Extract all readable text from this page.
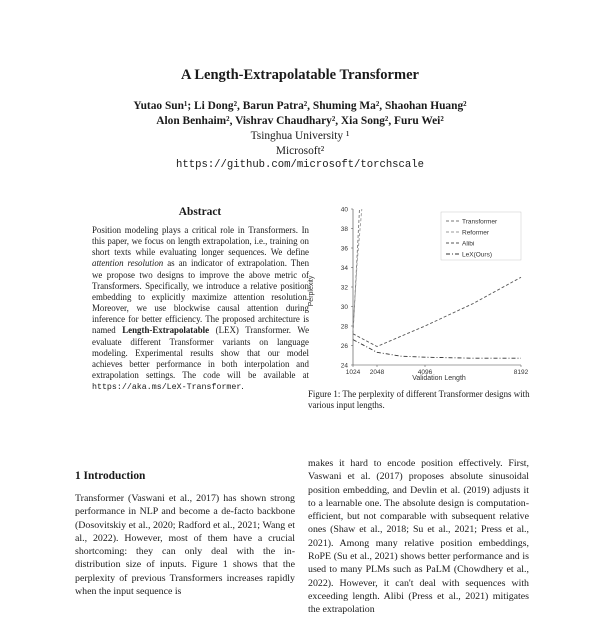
A Length-Extrapolatable Transformer
Yutao Sun¹; Li Dong², Barun Patra², Shuming Ma², Shaohan Huang²
Alon Benhaim², Vishrav Chaudhary², Xia Song², Furu Wei²
Tsinghua University ¹
Microsoft²
https://github.com/microsoft/torchscale
Abstract
Position modeling plays a critical role in Transformers. In this paper, we focus on length extrapolation, i.e., training on short texts while evaluating longer sequences. We define attention resolution as an indicator of extrapolation. Then we propose two designs to improve the above metric of Transformers. Specifically, we introduce a relative position embedding to explicitly maximize attention resolution. Moreover, we use blockwise causal attention during inference for better efficiency. The proposed architecture is named Length-Extrapolatable (LEX) Transformer. We evaluate different Transformer variants on language modeling. Experimental results show that our model achieves better performance in both interpolation and extrapolation settings. The code will be available at https://aka.ms/LeX-Transformer.
1 Introduction
Transformer (Vaswani et al., 2017) has shown strong performance in NLP and become a de-facto backbone (Dosovitskiy et al., 2020; Radford et al., 2021; Wang et al., 2022). However, most of them have a crucial shortcoming: they can only deal with the in-distribution size of inputs. Figure 1 shows that the perplexity of previous Transformers increases rapidly when the input sequence is
24
26
28
30
32
34
36
38
40
1024 2048	4096	8192
Transformer
Reformer
Alibi
LeX(Ours)
Perplexity
Validation Length
Figure 1: The perplexity of different Transformer designs with various input lengths.
makes it hard to encode position effectively. First, Vaswani et al. (2017) proposes absolute sinusoidal position embedding, and Devlin et al. (2019) adjusts it to a learnable one. The absolute design is computation-efficient, but not comparable with subsequent relative ones (Shaw et al., 2018; Su et al., 2021; Press et al., 2021). Among many relative position embeddings, RoPE (Su et al., 2021) shows better performance and is used to many PLMs such as PaLM (Chowdhery et al., 2022). However, it can't deal with sequences with exceeding length. Alibi (Press et al., 2021) mitigates the extrapolation
